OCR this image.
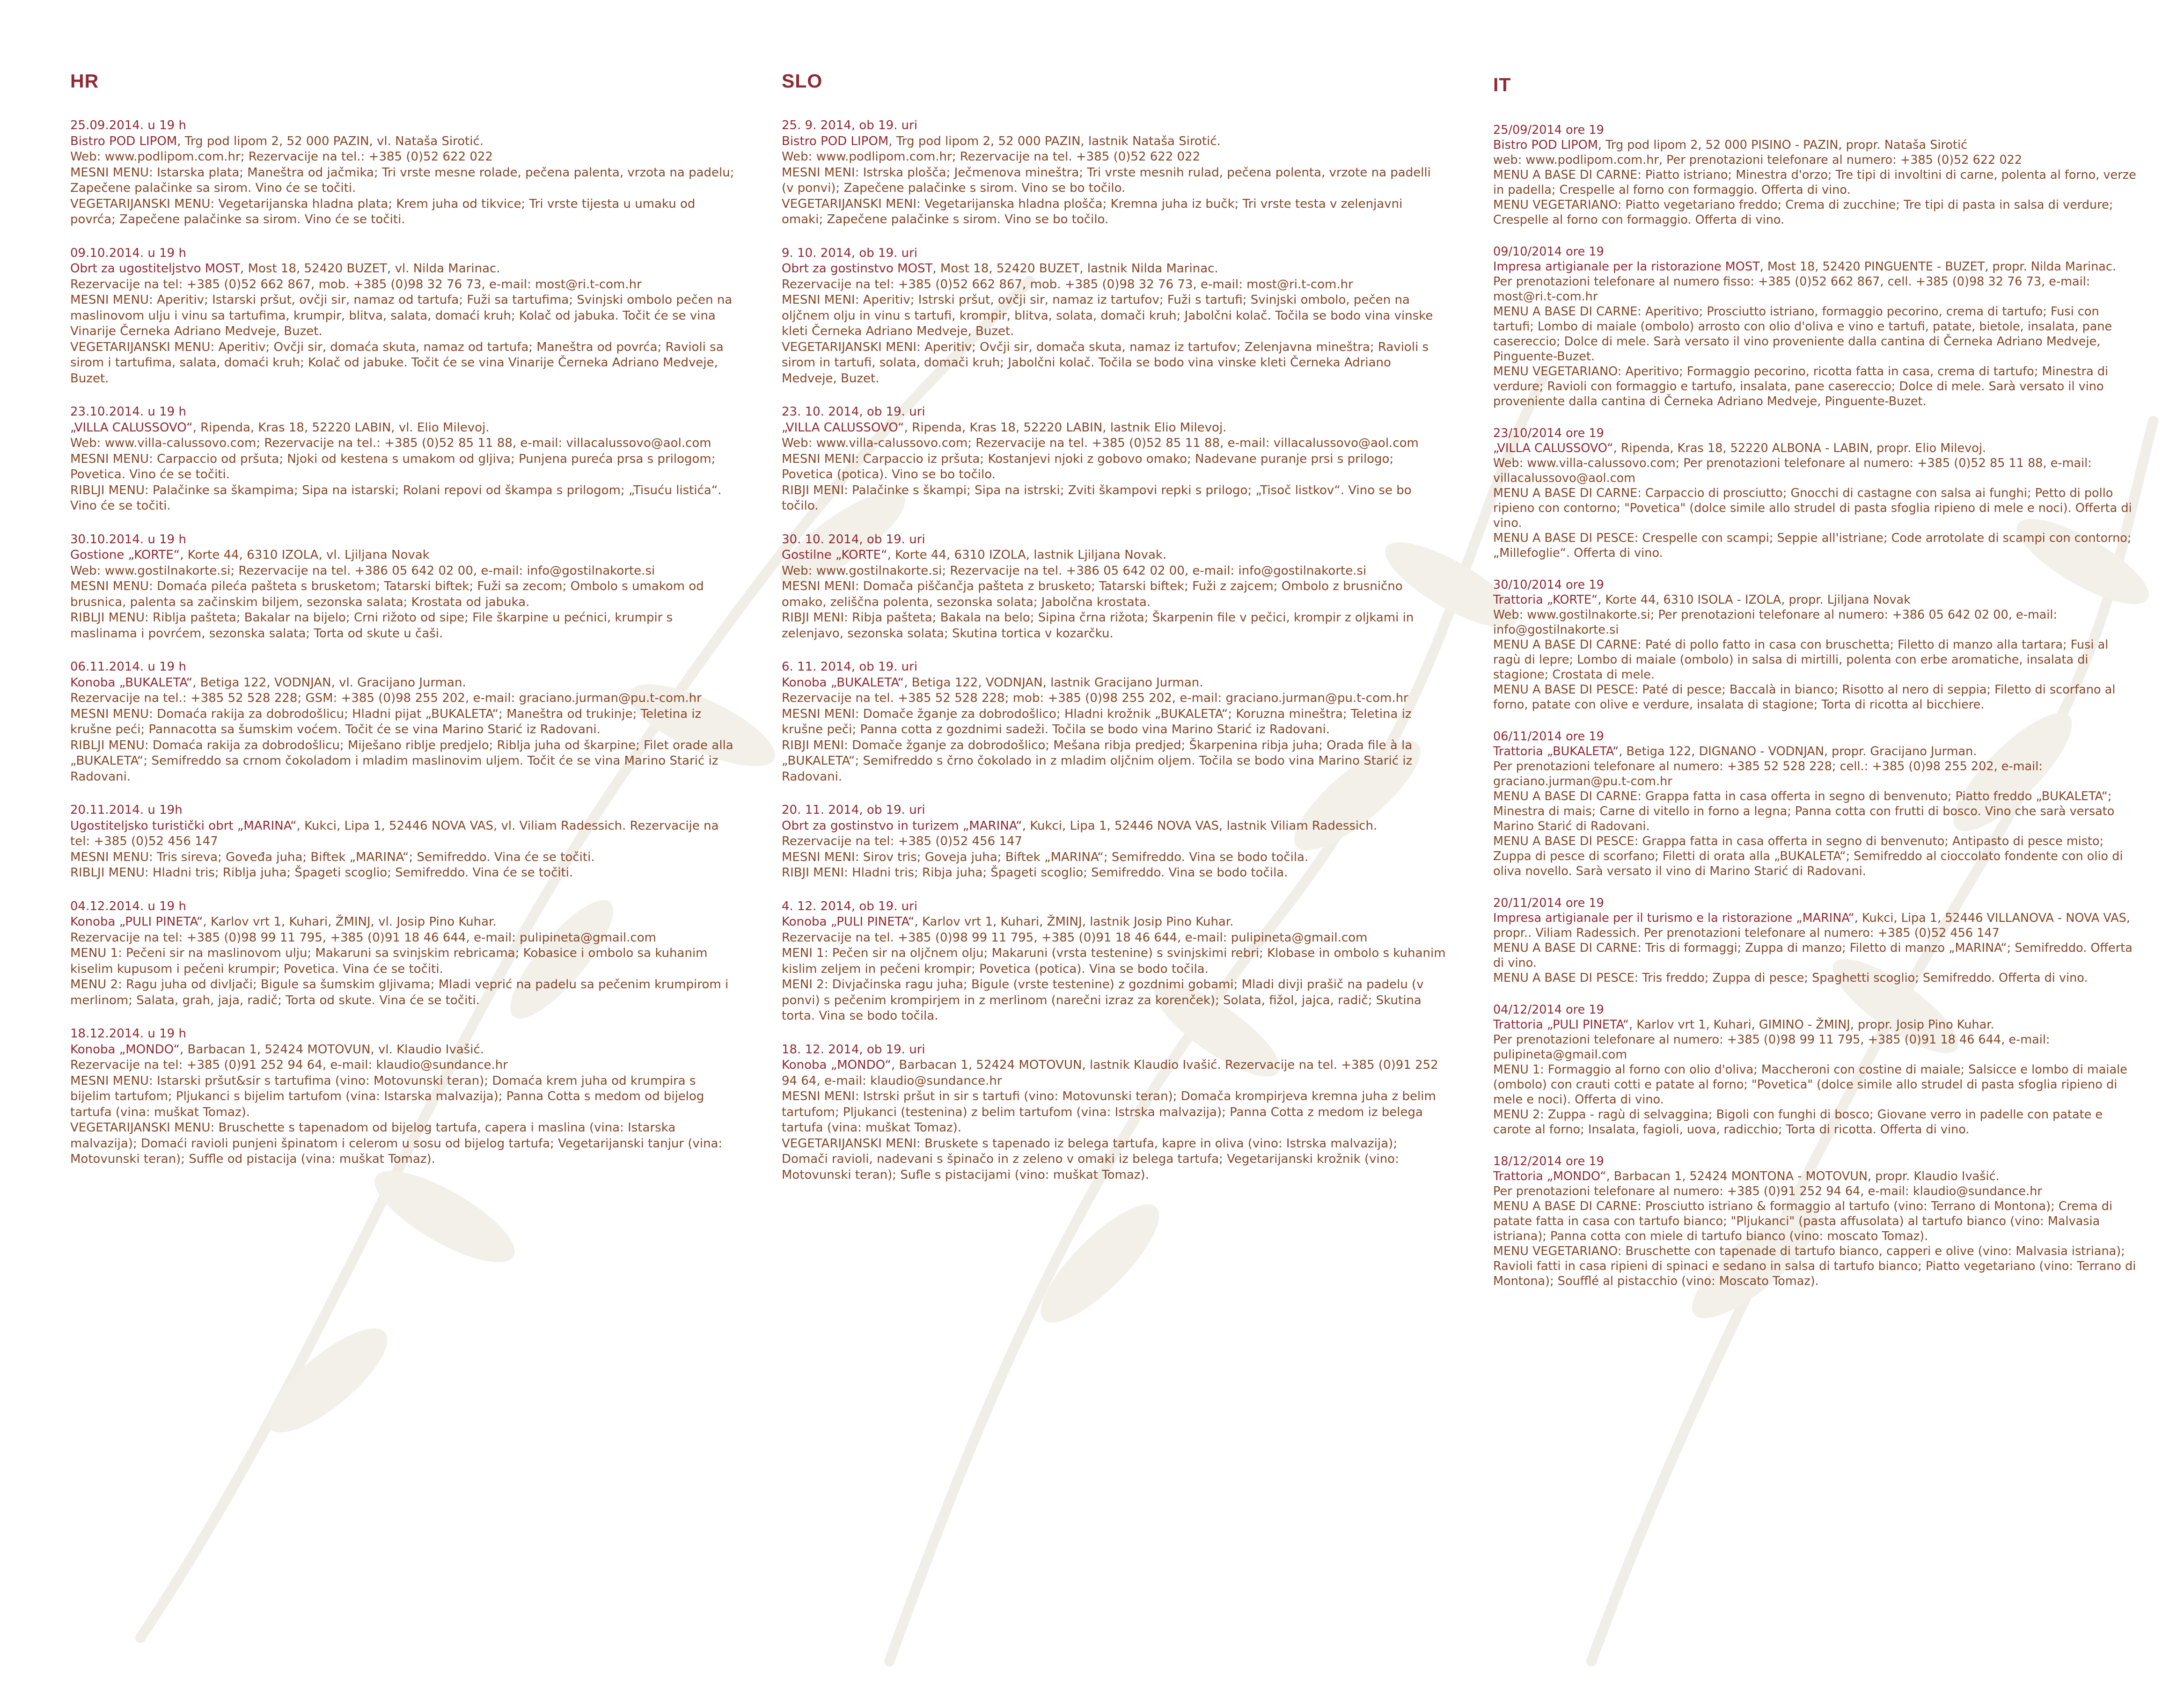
HR
25.09.2014. u 19 h
Bistro POD LIPOM, Trg pod lipom 2, 52 000 PAZIN, vl. Nataša Sirotić.
Web: www.podlipom.com.hr; Rezervacije na tel.: +385 (0)52 622 022
MESNI MENU: Istarska plata; Maneštra od jačmika; Tri vrste mesne rolade, pečena palenta, vrzota na padelu; Zapečene palačinke sa sirom. Vino će se točiti.
VEGETARIJANSKI MENU: Vegetarijanska hladna plata; Krem juha od tikvice; Tri vrste tijesta u umaku od povrća; Zapečene palačinke sa sirom. Vino će se točiti.
09.10.2014. u 19 h
Obrt za ugostiteljstvo MOST, Most 18, 52420 BUZET, vl. Nilda Marinac.
Rezervacije na tel: +385 (0)52 662 867, mob. +385 (0)98 32 76 73, e-mail: most@ri.t-com.hr
MESNI MENU: Aperitiv; Istarski pršut, ovčji sir, namaz od tartufa; Fuži sa tartufima; Svinjski ombolo pečen na maslinovom ulju i vinu sa tartufima, krumpir, blitva, salata, domaći kruh; Kolač od jabuka. Točit će se vina Vinarije Černeka Adriano Medveje, Buzet.
VEGETARIJANSKI MENU: Aperitiv; Ovčji sir, domaća skuta, namaz od tartufa; Maneštra od povrća; Ravioli sa sirom i tartufima, salata, domaći kruh; Kolač od jabuke. Točit će se vina Vinarije Černeka Adriano Medveje, Buzet.
23.10.2014. u 19 h
„VILLA CALUSSOVO“, Ripenda, Kras 18, 52220 LABIN, vl. Elio Milevoj.
Web: www.villa-calussovo.com; Rezervacije na tel.: +385 (0)52 85 11 88, e-mail: villacalussovo@aol.com
MESNI MENU: Carpaccio od pršuta; Njoki od kestena s umakom od gljiva; Punjena pureća prsa s prilogom; Povetica. Vino će se točiti.
RIBLJI MENU: Palačinke sa škampima; Sipa na istarski; Rolani repovi od škampa s prilogom; „Tisuću listića“. Vino će se točiti.
30.10.2014. u 19 h
Gostione „KORTE“, Korte 44, 6310 IZOLA, vl. Ljiljana Novak
Web: www.gostilnakorte.si; Rezervacije na tel. +386 05 642 02 00, e-mail: info@gostilnakorte.si
MESNI MENU: Domaća pileća pašteta s brusketom; Tatarski biftek; Fuži sa zecom; Ombolo s umakom od brusnica, palenta sa začinskim biljem, sezonska salata; Krostata od jabuka.
RIBLJI MENU: Riblja pašteta; Bakalar na bijelo; Crni rižoto od sipe; File škarpine u pećnici, krumpir s maslinama i povrćem, sezonska salata; Torta od skute u čaši.
06.11.2014. u 19 h
Konoba „BUKALETA“, Betiga 122, VODNJAN, vl. Gracijano Jurman.
Rezervacije na tel.: +385 52 528 228; GSM: +385 (0)98 255 202, e-mail: graciano.jurman@pu.t-com.hr
MESNI MENU: Domaća rakija za dobrodošlicu; Hladni pijat „BUKALETA“; Maneštra od trukinje; Teletina iz krušne peći; Pannacotta sa šumskim voćem. Točit će se vina Marino Starić iz Radovani.
RIBLJI MENU: Domaća rakija za dobrodošlicu; Miješano riblje predjelo; Riblja juha od škarpine; Filet orade alla „BUKALETA“; Semifreddo sa crnom čokoladom i mladim maslinovim uljem. Točit će se vina Marino Starić iz Radovani.
20.11.2014. u 19h
Ugostiteljsko turistički obrt „MARINA“, Kukci, Lipa 1, 52446 NOVA VAS, vl. Viliam Radessich. Rezervacije na tel: +385 (0)52 456 147
MESNI MENU: Tris sireva; Goveđa juha; Biftek „MARINA“; Semifreddo. Vina će se točiti.
RIBLJI MENU: Hladni tris; Riblja juha; Špageti scoglio; Semifreddo. Vina će se točiti.
04.12.2014. u 19 h
Konoba „PULI PINETA“, Karlov vrt 1, Kuhari, ŽMINJ, vl. Josip Pino Kuhar.
Rezervacije na tel: +385 (0)98 99 11 795, +385 (0)91 18 46 644, e-mail: pulipineta@gmail.com
MENU 1: Pečeni sir na maslinovom ulju; Makaruni sa svinjskim rebricama; Kobasice i ombolo sa kuhanim kiselim kupusom i pečeni krumpir; Povetica. Vina će se točiti.
MENU 2: Ragu juha od divljači; Bigule sa šumskim gljivama; Mladi veprić na padelu sa pečenim krumpirom i merlinom; Salata, grah, jaja, radič; Torta od skute. Vina će se točiti.
18.12.2014. u 19 h
Konoba „MONDO“, Barbacan 1, 52424 MOTOVUN, vl. Klaudio Ivašić.
Rezervacije na tel: +385 (0)91 252 94 64, e-mail: klaudio@sundance.hr
MESNI MENU: Istarski pršut&sir s tartufima (vino: Motovunski teran); Domaća krem juha od krumpira s bijelim tartufom; Pljukanci s bijelim tartufom (vina: Istarska malvazija); Panna Cotta s medom od bijelog tartufa (vina: muškat Tomaz).
VEGETARIJANSKI MENU: Bruschette s tapenadom od bijelog tartufa, capera i maslina (vina: Istarska malvazija); Domaći ravioli punjeni špinatom i celerom u sosu od bijelog tartufa; Vegetarijanski tanjur (vina: Motovunski teran); Suffle od pistacija (vina: muškat Tomaz).
SLO
25. 9. 2014, ob 19. uri
Bistro POD LIPOM, Trg pod lipom 2, 52 000 PAZIN, lastnik Nataša Sirotić.
Web: www.podlipom.com.hr; Rezervacije na tel. +385 (0)52 622 022
MESNI MENI: Istrska plošča; Ječmenova mineštra; Tri vrste mesnih rulad, pečena polenta, vrzote na padelli (v ponvi); Zapečene palačinke s sirom. Vino se bo točilo.
VEGETARIJANSKI MENI: Vegetarijanska hladna plošča; Kremna juha iz bučk; Tri vrste testa v zelenjavni omaki; Zapečene palačinke s sirom. Vino se bo točilo.
9. 10. 2014, ob 19. uri
Obrt za gostinstvo MOST, Most 18, 52420 BUZET, lastnik Nilda Marinac.
Rezervacije na tel: +385 (0)52 662 867, mob. +385 (0)98 32 76 73, e-mail: most@ri.t-com.hr
MESNI MENI: Aperitiv; Istrski pršut, ovčji sir, namaz iz tartufov; Fuži s tartufi; Svinjski ombolo, pečen na oljčnem olju in vinu s tartufi, krompir, blitva, solata, domači kruh; Jabolčni kolač. Točila se bodo vina vinske kleti Černeka Adriano Medveje, Buzet.
VEGETARIJANSKI MENI: Aperitiv; Ovčji sir, domača skuta, namaz iz tartufov; Zelenjavna mineštra; Ravioli s sirom in tartufi, solata, domači kruh; Jabolčni kolač. Točila se bodo vina vinske kleti Černeka Adriano Medveje, Buzet.
23. 10. 2014, ob 19. uri
„VILLA CALUSSOVO“, Ripenda, Kras 18, 52220 LABIN, lastnik Elio Milevoj.
Web: www.villa-calussovo.com; Rezervacije na tel. +385 (0)52 85 11 88, e-mail: villacalussovo@aol.com
MESNI MENI: Carpaccio iz pršuta; Kostanjevi njoki z gobovo omako; Nadevane puranje prsi s prilogo; Povetica (potica). Vino se bo točilo.
RIBJI MENI: Palačinke s škampi; Sipa na istrski; Zviti škampovi repki s prilogo; „Tisoč listkov“. Vino se bo točilo.
30. 10. 2014, ob 19. uri
Gostilne „KORTE“, Korte 44, 6310 IZOLA, lastnik Ljiljana Novak.
Web: www.gostilnakorte.si; Rezervacije na tel. +386 05 642 02 00, e-mail: info@gostilnakorte.si
MESNI MENI: Domača piščančja pašteta z brusketo; Tatarski biftek; Fuži z zajcem; Ombolo z brusnično omako, zeliščna polenta, sezonska solata; Jabolčna krostata.
RIBJI MENI: Ribja pašteta; Bakala na belo; Sipina črna rižota; Škarpenin file v pečici, krompir z oljkami in zelenjavo, sezonska solata; Skutina tortica v kozarčku.
6. 11. 2014, ob 19. uri
Konoba „BUKALETA“, Betiga 122, VODNJAN, lastnik Gracijano Jurman.
Rezervacije na tel. +385 52 528 228; mob: +385 (0)98 255 202, e-mail: graciano.jurman@pu.t-com.hr
MESNI MENI: Domače žganje za dobrodošlico; Hladni krožnik „BUKALETA“; Koruzna mineštra; Teletina iz krušne peči; Panna cotta z gozdnimi sadeži. Točila se bodo vina Marino Starić iz Radovani.
RIBJI MENI: Domače žganje za dobrodošlico; Mešana ribja predjed; Škarpenina ribja juha; Orada file à la „BUKALETA“; Semifreddo s črno čokolado in z mladim oljčnim oljem. Točila se bodo vina Marino Starić iz Radovani.
20. 11. 2014, ob 19. uri
Obrt za gostinstvo in turizem „MARINA“, Kukci, Lipa 1, 52446 NOVA VAS, lastnik Viliam Radessich. Rezervacije na tel: +385 (0)52 456 147
MESNI MENI: Sirov tris; Goveja juha; Biftek „MARINA“; Semifreddo. Vina se bodo točila.
RIBJI MENI: Hladni tris; Ribja juha; Špageti scoglio; Semifreddo. Vina se bodo točila.
4. 12. 2014, ob 19. uri
Konoba „PULI PINETA“, Karlov vrt 1, Kuhari, ŽMINJ, lastnik Josip Pino Kuhar.
Rezervacije na tel. +385 (0)98 99 11 795, +385 (0)91 18 46 644, e-mail: pulipineta@gmail.com
MENI 1: Pečen sir na oljčnem olju; Makaruni (vrsta testenine) s svinjskimi rebri; Klobase in ombolo s kuhanim kislim zeljem in pečeni krompir; Povetica (potica). Vina se bodo točila.
MENI 2: Divjačinska ragu juha; Bigule (vrste testenine) z gozdnimi gobami; Mladi divji prašič na padelu (v ponvi) s pečenim krompirjem in z merlinom (narečni izraz za korenček); Solata, fižol, jajca, radič; Skutina torta. Vina se bodo točila.
18. 12. 2014, ob 19. uri
Konoba „MONDO“, Barbacan 1, 52424 MOTOVUN, lastnik Klaudio Ivašić. Rezervacije na tel. +385 (0)91 252 94 64, e-mail: klaudio@sundance.hr
MESNI MENI: Istrski pršut in sir s tartufi (vino: Motovunski teran); Domača krompirjeva kremna juha z belim tartufom; Pljukanci (testenina) z belim tartufom (vina: Istrska malvazija); Panna Cotta z medom iz belega tartufa (vina: muškat Tomaz).
VEGETARIJANSKI MENI: Bruskete s tapenado iz belega tartufa, kapre in oliva (vino: Istrska malvazija); Domači ravioli, nadevani s špinačo in z zeleno v omaki iz belega tartufa; Vegetarijanski krožnik (vino: Motovunski teran); Sufle s pistacijami (vino: muškat Tomaz).
IT
25/09/2014 ore 19
Bistro POD LIPOM, Trg pod lipom 2, 52 000 PISINO - PAZIN, propr. Nataša Sirotić
web: www.podlipom.com.hr, Per prenotazioni telefonare al numero: +385 (0)52 622 022
MENU A BASE DI CARNE: Piatto istriano; Minestra d'orzo; Tre tipi di involtini di carne, polenta al forno, verze in padella; Crespelle al forno con formaggio. Offerta di vino.
MENU VEGETARIANO: Piatto vegetariano freddo; Crema di zucchine; Tre tipi di pasta in salsa di verdure; Crespelle al forno con formaggio. Offerta di vino.
09/10/2014 ore 19
Impresa artigianale per la ristorazione MOST, Most 18, 52420 PINGUENTE - BUZET, propr. Nilda Marinac.
Per prenotazioni telefonare al numero fisso: +385 (0)52 662 867, cell. +385 (0)98 32 76 73, e-mail: most@ri.t-com.hr
MENU A BASE DI CARNE: Aperitivo; Prosciutto istriano, formaggio pecorino, crema di tartufo; Fusi con tartufi; Lombo di maiale (ombolo) arrosto con olio d'oliva e vino e tartufi, patate, bietole, insalata, pane casereccio; Dolce di mele. Sarà versato il vino proveniente dalla cantina di Černeka Adriano Medveje, Pinguente-Buzet.
MENU VEGETARIANO: Aperitivo; Formaggio pecorino, ricotta fatta in casa, crema di tartufo; Minestra di verdure; Ravioli con formaggio e tartufo, insalata, pane casereccio; Dolce di mele. Sarà versato il vino proveniente dalla cantina di Černeka Adriano Medveje, Pinguente-Buzet.
23/10/2014 ore 19
„VILLA CALUSSOVO“, Ripenda, Kras 18, 52220 ALBONA - LABIN, propr. Elio Milevoj.
Web: www.villa-calussovo.com; Per prenotazioni telefonare al numero: +385 (0)52 85 11 88, e-mail: villacalussovo@aol.com
MENU A BASE DI CARNE: Carpaccio di prosciutto; Gnocchi di castagne con salsa ai funghi; Petto di pollo ripieno con contorno; "Povetica" (dolce simile allo strudel di pasta sfoglia ripieno di mele e noci). Offerta di vino.
MENU A BASE DI PESCE: Crespelle con scampi; Seppie all'istriane; Code arrotolate di scampi con contorno; „Millefoglie“. Offerta di vino.
30/10/2014 ore 19
Trattoria „KORTE“, Korte 44, 6310 ISOLA - IZOLA, propr. Ljiljana Novak
Web: www.gostilnakorte.si; Per prenotazioni telefonare al numero: +386 05 642 02 00, e-mail: info@gostilnakorte.si
MENU A BASE DI CARNE: Paté di pollo fatto in casa con bruschetta; Filetto di manzo alla tartara; Fusi al ragù di lepre; Lombo di maiale (ombolo) in salsa di mirtilli, polenta con erbe aromatiche, insalata di stagione; Crostata di mele.
MENU A BASE DI PESCE: Paté di pesce; Baccalà in bianco; Risotto al nero di seppia; Filetto di scorfano al forno, patate con olive e verdure, insalata di stagione; Torta di ricotta al bicchiere.
06/11/2014 ore 19
Trattoria „BUKALETA“, Betiga 122, DIGNANO - VODNJAN, propr. Gracijano Jurman.
Per prenotazioni telefonare al numero: +385 52 528 228; cell.: +385 (0)98 255 202, e-mail: graciano.jurman@pu.t-com.hr
MENU A BASE DI CARNE: Grappa fatta in casa offerta in segno di benvenuto; Piatto freddo „BUKALETA“; Minestra di mais; Carne di vitello in forno a legna; Panna cotta con frutti di bosco. Vino che sarà versato Marino Starić di Radovani.
MENU A BASE DI PESCE: Grappa fatta in casa offerta in segno di benvenuto; Antipasto di pesce misto; Zuppa di pesce di scorfano; Filetti di orata alla „BUKALETA“; Semifreddo al cioccolato fondente con olio di oliva novello. Sarà versato il vino di Marino Starić di Radovani.
20/11/2014 ore 19
Impresa artigianale per il turismo e la ristorazione „MARINA“, Kukci, Lipa 1, 52446 VILLANOVA - NOVA VAS, propr.. Viliam Radessich. Per prenotazioni telefonare al numero: +385 (0)52 456 147
MENU A BASE DI CARNE: Tris di formaggi; Zuppa di manzo; Filetto di manzo „MARINA“; Semifreddo. Offerta di vino.
MENU A BASE DI PESCE: Tris freddo; Zuppa di pesce; Spaghetti scoglio; Semifreddo. Offerta di vino.
04/12/2014 ore 19
Trattoria „PULI PINETA“, Karlov vrt 1, Kuhari, GIMINO - ŽMINJ, propr. Josip Pino Kuhar.
Per prenotazioni telefonare al numero: +385 (0)98 99 11 795, +385 (0)91 18 46 644, e-mail: pulipineta@gmail.com
MENU 1: Formaggio al forno con olio d'oliva; Maccheroni con costine di maiale; Salsicce e lombo di maiale (ombolo) con crauti cotti e patate al forno; "Povetica" (dolce simile allo strudel di pasta sfoglia ripieno di mele e noci). Offerta di vino.
MENU 2: Zuppa - ragù di selvaggina; Bigoli con funghi di bosco; Giovane verro in padelle con patate e carote al forno; Insalata, fagioli, uova, radicchio; Torta di ricotta. Offerta di vino.
18/12/2014 ore 19
Trattoria „MONDO“, Barbacan 1, 52424 MONTONA - MOTOVUN, propr. Klaudio Ivašić.
Per prenotazioni telefonare al numero: +385 (0)91 252 94 64, e-mail: klaudio@sundance.hr
MENU A BASE DI CARNE: Prosciutto istriano & formaggio al tartufo (vino: Terrano di Montona); Crema di patate fatta in casa con tartufo bianco; "Pljukanci" (pasta affusolata) al tartufo bianco (vino: Malvasia istriana); Panna cotta con miele di tartufo bianco (vino: moscato Tomaz).
MENU VEGETARIANO: Bruschette con tapenade di tartufo bianco, capperi e olive (vino: Malvasia istriana); Ravioli fatti in casa ripieni di spinaci e sedano in salsa di tartufo bianco; Piatto vegetariano (vino: Terrano di Montona); Soufflé al pistacchio (vino: Moscato Tomaz).
